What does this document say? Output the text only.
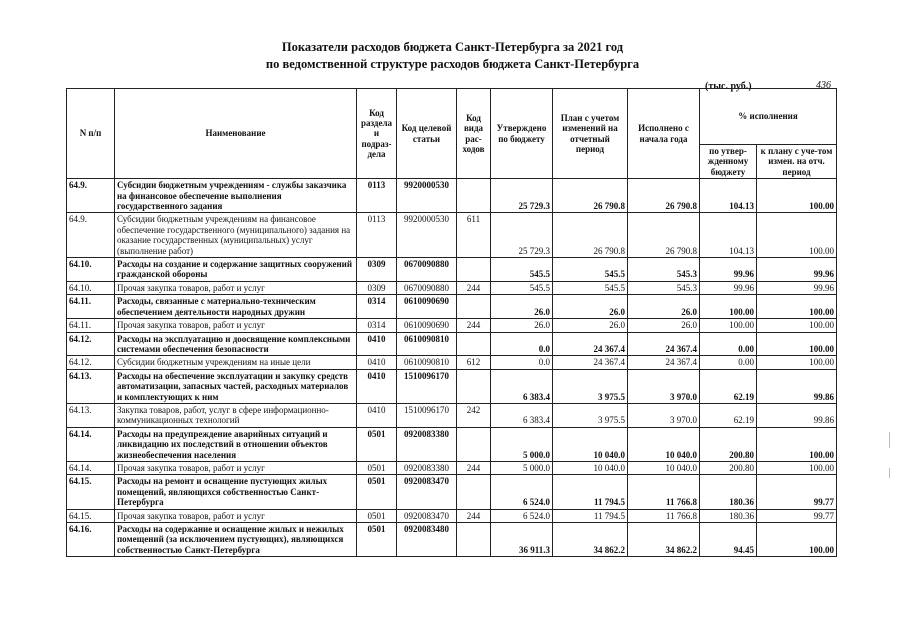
Показатели расходов бюджета Санкт-Петербурга за 2021 год
по ведомственной структуре расходов бюджета Санкт-Петербурга
(тыс. руб.)	436
N п/п	Наименование	Код раздела и подраз-дела	Код целевой статьи	Код вида рас-ходов	Утверждено по бюджету	План с учетом изменений на отчетный период	Исполнено с начала года	% исполнения	
								по утвер-жденному бюджету	к плану с уче-том измен. на отч. период
64.9.	Субсидии бюджетным учреждениям - службы заказчика на финансовое обеспечение выполнения государственного задания	0113	9920000530		25 729.3	26 790.8	26 790.8	104.13	100.00
64.9.	Субсидии бюджетным учреждениям на финансовое обеспечение государственного (муниципального) задания на оказание государственных (муниципальных) услуг (выполнение работ)	0113	9920000530	611	25 729.3	26 790.8	26 790.8	104.13	100.00
64.10.	Расходы на создание и содержание защитных сооружений гражданской обороны	0309	0670090880		545.5	545.5	545.3	99.96	99.96
64.10.	Прочая закупка товаров, работ и услуг	0309	0670090880	244	545.5	545.5	545.3	99.96	99.96
64.11.	Расходы, связанные с материально-техническим обеспечением деятельности народных дружин	0314	0610090690		26.0	26.0	26.0	100.00	100.00
64.11.	Прочая закупка товаров, работ и услуг	0314	0610090690	244	26.0	26.0	26.0	100.00	100.00
64.12.	Расходы на эксплуатацию и доосвящение комплексными системами обеспечения безопасности	0410	0610090810		0.0	24 367.4	24 367.4	0.00	100.00
64.12.	Субсидии бюджетным учреждениям на иные цели	0410	0610090810	612	0.0	24 367.4	24 367.4	0.00	100.00
64.13.	Расходы на обеспечение эксплуатации и закупку средств автоматизации, запасных частей, расходных материалов и комплектующих к ним	0410	1510096170		6 383.4	3 975.5	3 970.0	62.19	99.86
64.13.	Закупка товаров, работ, услуг в сфере информационно-коммуникационных технологий	0410	1510096170	242	6 383.4	3 975.5	3 970.0	62.19	99.86
64.14.	Расходы на предупреждение аварийных ситуаций и ликвидацию их последствий в отношении объектов жизнеобеспечения населения	0501	0920083380		5 000.0	10 040.0	10 040.0	200.80	100.00
64.14.	Прочая закупка товаров, работ и услуг	0501	0920083380	244	5 000.0	10 040.0	10 040.0	200.80	100.00
64.15.	Расходы на ремонт и оснащение пустующих жилых помещений, являющихся собственностью Санкт-Петербурга	0501	0920083470		6 524.0	11 794.5	11 766.8	180.36	99.77
64.15.	Прочая закупка товаров, работ и услуг	0501	0920083470	244	6 524.0	11 794.5	11 766.8	180.36	99.77
64.16.	Расходы на содержание и оснащение жилых и нежилых помещений (за исключением пустующих), являющихся собственностью Санкт-Петербурга	0501	0920083480		36 911.3	34 862.2	34 862.2	94.45	100.00
